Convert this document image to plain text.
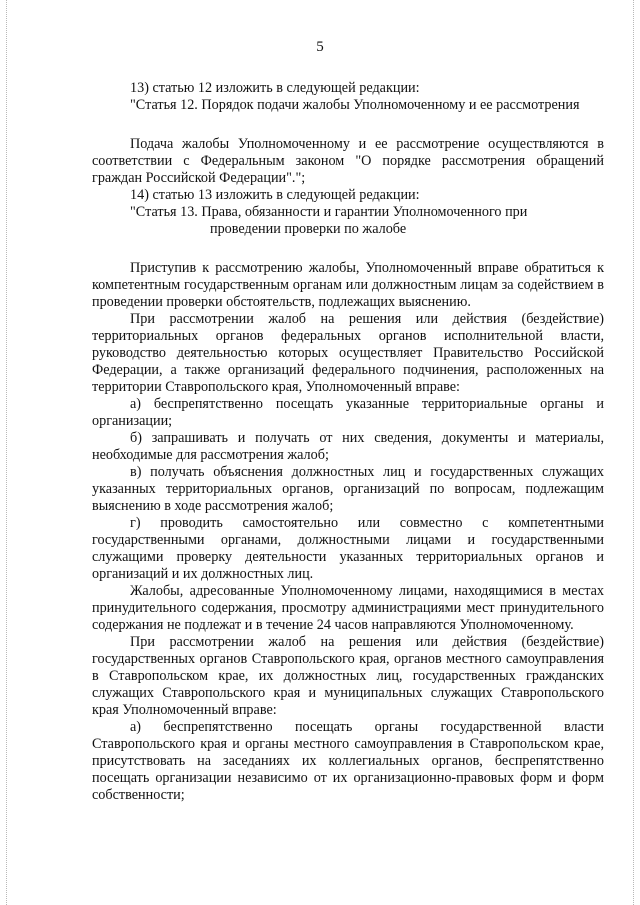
5

13) статью 12 изложить в следующей редакции:

"Статья 12. Порядок подачи жалобы Уполномоченному и ее рассмотрения

Подача жалобы Уполномоченному и ее рассмотрение осуществляются в соответствии с Федеральным законом "О порядке рассмотрения обращений граждан Российской Федерации".";

14) статью 13 изложить в следующей редакции:

"Статья 13. Права, обязанности и гарантии Уполномоченного при

проведении проверки по жалобе

Приступив к рассмотрению жалобы, Уполномоченный вправе обратиться к компетентным государственным органам или должностным лицам за содействием в проведении проверки обстоятельств, подлежащих выяснению.

При рассмотрении жалоб на решения или действия (бездействие) территориальных органов федеральных органов исполнительной власти, руководство деятельностью которых осуществляет Правительство Российской Федерации, а также организаций федерального подчинения, расположенных на территории Ставропольского края, Уполномоченный вправе:

а) беспрепятственно посещать указанные территориальные органы и организации;

б) запрашивать и получать от них сведения, документы и материалы, необходимые для рассмотрения жалоб;

в) получать объяснения должностных лиц и государственных служащих указанных территориальных органов, организаций по вопросам, подлежащим выяснению в ходе рассмотрения жалоб;

г) проводить самостоятельно или совместно с компетентными государственными органами, должностными лицами и государственными служащими проверку деятельности указанных территориальных органов и организаций и их должностных лиц.

Жалобы, адресованные Уполномоченному лицами, находящимися в местах принудительного содержания, просмотру администрациями мест принудительного содержания не подлежат и в течение 24 часов направляются Уполномоченному.

При рассмотрении жалоб на решения или действия (бездействие) государственных органов Ставропольского края, органов местного самоуправления в Ставропольском крае, их должностных лиц, государственных гражданских служащих Ставропольского края и муниципальных служащих Ставропольского края Уполномоченный вправе:

а) беспрепятственно посещать органы государственной власти Ставропольского края и органы местного самоуправления в Ставропольском крае, присутствовать на заседаниях их коллегиальных органов, беспрепятственно посещать организации независимо от их организационно-правовых форм и форм собственности;
